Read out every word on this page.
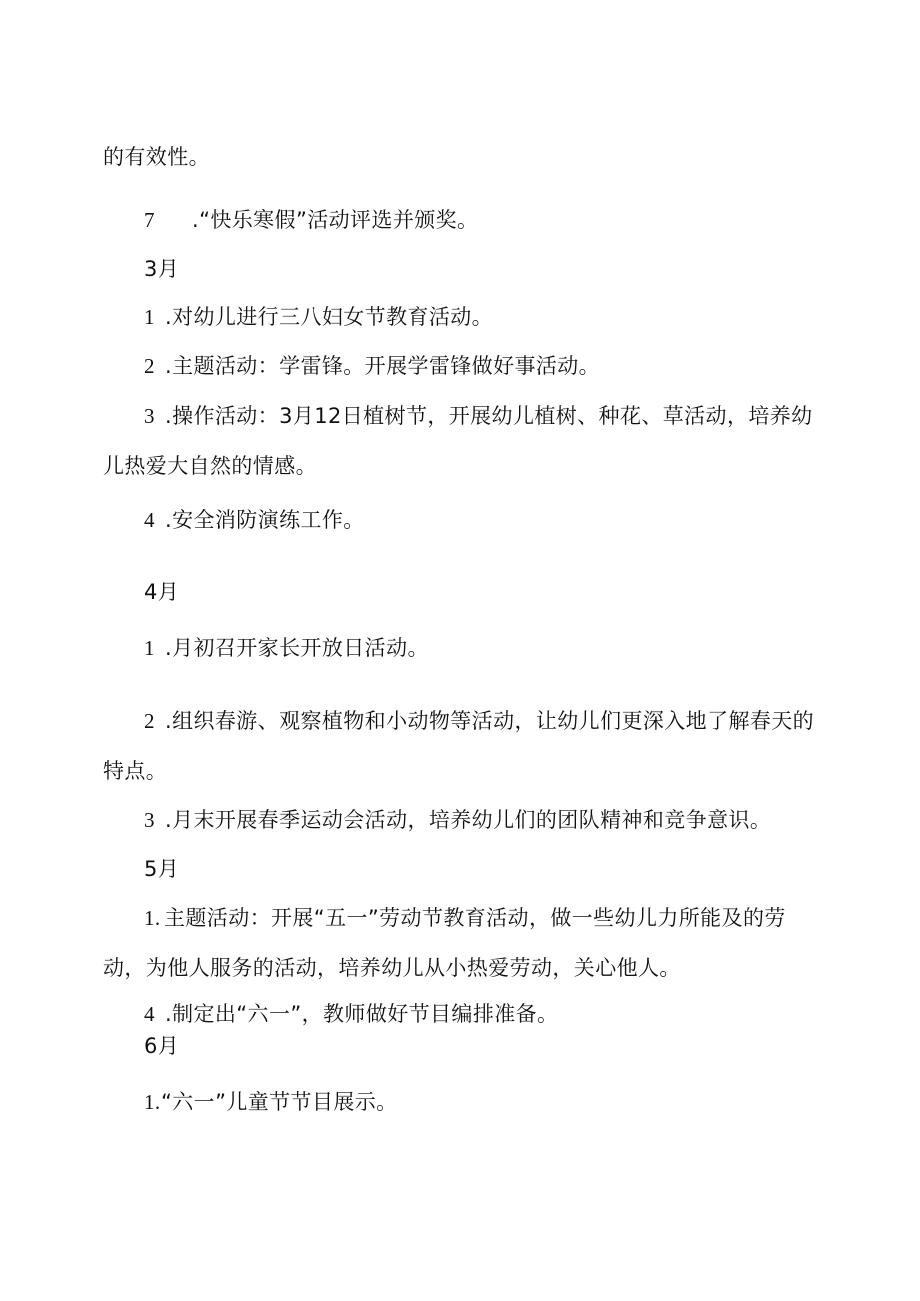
的有效性。
7 .“快乐寒假”活动评选并颁奖。
3月
1 .对幼儿进行三八妇女节教育活动。
2 .主题活动：学雷锋。开展学雷锋做好事活动。
3 .操作活动：3月12日植树节，开展幼儿植树、种花、草活动，培养幼
儿热爱大自然的情感。
4 .安全消防演练工作。
4月
1 .月初召开家长开放日活动。
2 .组织春游、观察植物和小动物等活动，让幼儿们更深入地了解春天的
特点。
3 .月末开展春季运动会活动，培养幼儿们的团队精神和竞争意识。
5月
1. 主题活动：开展“五一”劳动节教育活动，做一些幼儿力所能及的劳
动，为他人服务的活动，培养幼儿从小热爱劳动，关心他人。
4 .制定出“六一”，教师做好节目编排准备。
6月
1.“六一”儿童节节目展示。
